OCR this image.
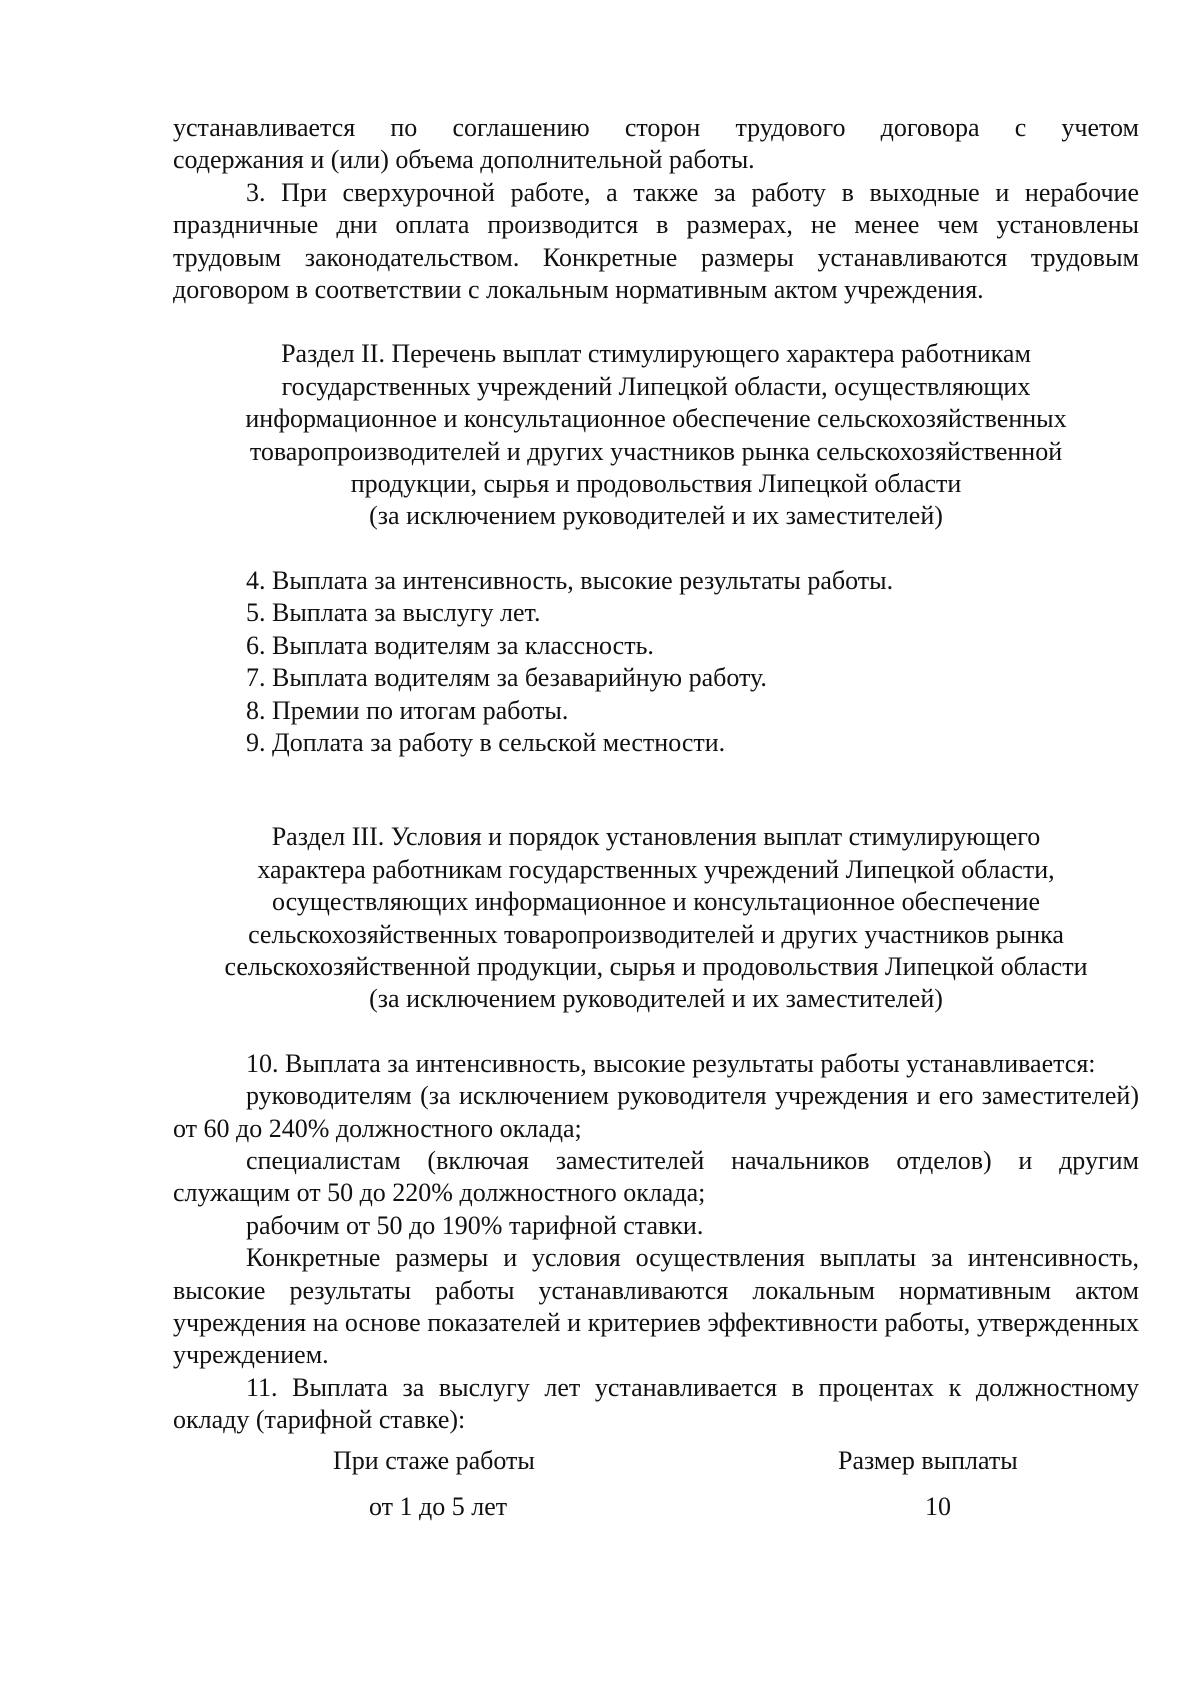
устанавливается по соглашению сторон трудового договора с учетом

содержания и (или) объема дополнительной работы.

3. При сверхурочной работе, а также за работу в выходные и нерабочие праздничные дни оплата производится в размерах, не менее чем установлены трудовым законодательством. Конкретные размеры устанавливаются трудовым договором в соответствии с локальным нормативным актом учреждения.

Раздел II. Перечень выплат стимулирующего характера работникам
государственных учреждений Липецкой области, осуществляющих
информационное и консультационное обеспечение сельскохозяйственных
товаропроизводителей и других участников рынка сельскохозяйственной
продукции, сырья и продовольствия Липецкой области
(за исключением руководителей и их заместителей)

4. Выплата за интенсивность, высокие результаты работы.

5. Выплата за выслугу лет.

6. Выплата водителям за классность.

7. Выплата водителям за безаварийную работу.

8. Премии по итогам работы.

9. Доплата за работу в сельской местности.

Раздел III. Условия и порядок установления выплат стимулирующего
характера работникам государственных учреждений Липецкой области,
осуществляющих информационное и консультационное обеспечение
сельскохозяйственных товаропроизводителей и других участников рынка
сельскохозяйственной продукции, сырья и продовольствия Липецкой области
(за исключением руководителей и их заместителей)

10. Выплата за интенсивность, высокие результаты работы устанавливается:

руководителям (за исключением руководителя учреждения и его заместителей) от 60 до 240% должностного оклада;

специалистам (включая заместителей начальников отделов) и другим служащим от 50 до 220% должностного оклада;

рабочим от 50 до 190% тарифной ставки.

Конкретные размеры и условия осуществления выплаты за интенсивность, высокие результаты работы устанавливаются локальным нормативным актом учреждения на основе показателей и критериев эффективности работы, утвержденных учреждением.

11. Выплата за выслугу лет устанавливается в процентах к должностному окладу (тарифной ставке):

При стаже работы	Размер выплаты
от 1 до 5 лет	10
